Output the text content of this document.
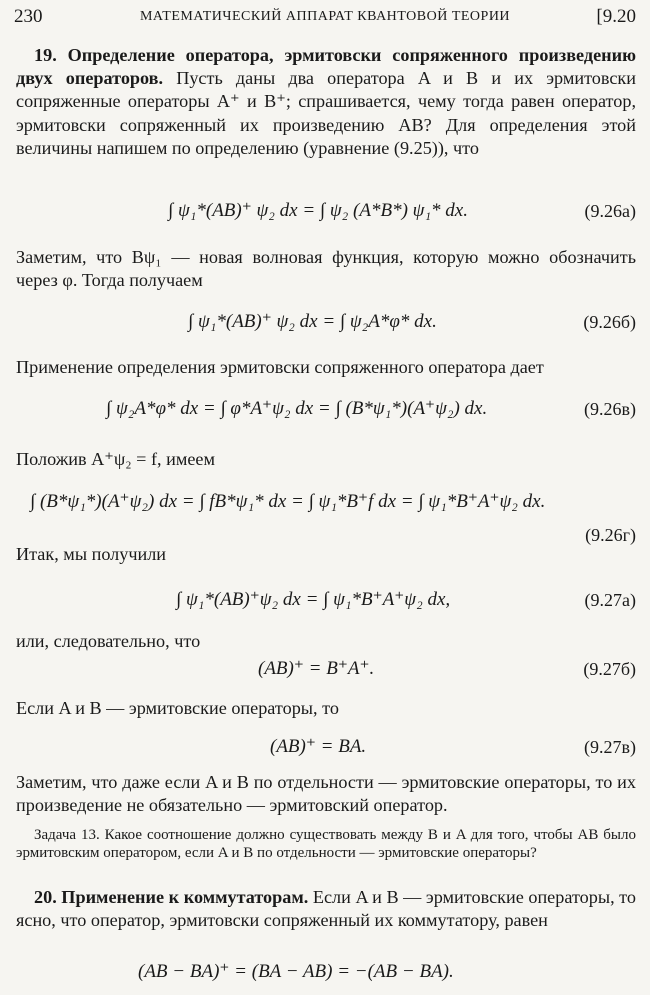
230	МАТЕМАТИЧЕСКИЙ АППАРАТ КВАНТОВОЙ ТЕОРИИ	[9.20
19. Определение оператора, эрмитовски сопряженного произведению двух операторов. Пусть даны два оператора A и B и их эрмитовски сопряженные операторы A⁺ и B⁺; спрашивается, чему тогда равен оператор, эрмитовски сопряженный их произведению AB? Для определения этой величины напишем по определению (уравнение (9.25)), что
∫ ψ₁*(AB)⁺ ψ₂ dx = ∫ ψ₂ (A*B*) ψ₁* dx.	(9.26a)
Заметим, что Bψ₁ — новая волновая функция, которую можно обозначить через φ. Тогда получаем
∫ ψ₁*(AB)⁺ ψ₂ dx = ∫ ψ₂A*φ* dx.	(9.26б)
Применение определения эрмитовски сопряженного оператора дает
∫ ψ₂A*φ* dx = ∫ φ*A⁺ψ₂ dx = ∫ (B*ψ₁*)(A⁺ψ₂) dx.	(9.26в)
Положив A⁺ψ₂ = f, имеем
∫ (B*ψ₁*)(A⁺ψ₂) dx = ∫ fB*ψ₁* dx = ∫ ψ₁*B⁺f dx = ∫ ψ₁*B⁺A⁺ψ₂ dx.
(9.26г)
Итак, мы получили
∫ ψ₁*(AB)⁺ψ₂ dx = ∫ ψ₁*B⁺A⁺ψ₂ dx,	(9.27a)
или, следовательно, что
(AB)⁺ = B⁺A⁺.	(9.27б)
Если A и B — эрмитовские операторы, то
(AB)⁺ = BA.	(9.27в)
Заметим, что даже если A и B по отдельности — эрмитовские операторы, то их произведение не обязательно — эрмитовский оператор.
Задача 13. Какое соотношение должно существовать между B и A для того, чтобы AB было эрмитовским оператором, если A и B по отдельности — эрмитовские операторы?
20. Применение к коммутаторам. Если A и B — эрмитовские операторы, то ясно, что оператор, эрмитовски сопряженный их коммутатору, равен
(AB − BA)⁺ = (BA − AB) = −(AB − BA).
